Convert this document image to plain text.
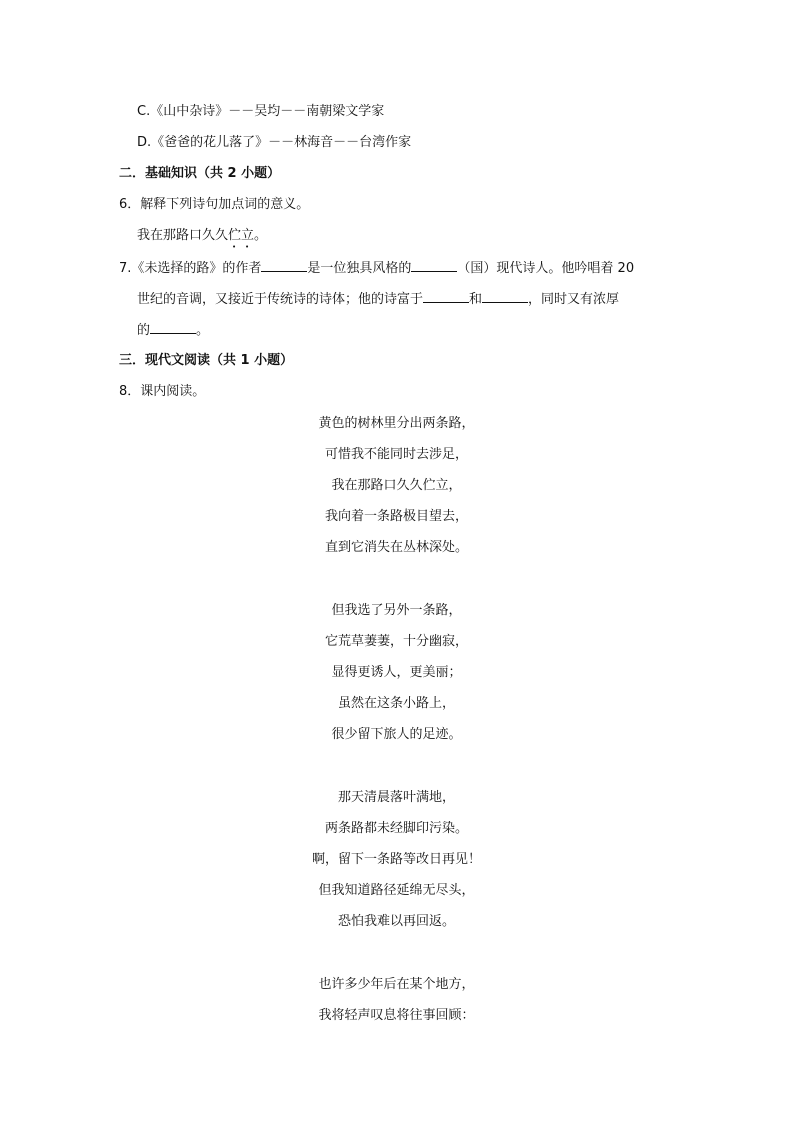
C.《山中杂诗》－－吴均－－南朝梁文学家
D.《爸爸的花儿落了》－－林海音－－台湾作家
二．基础知识（共 2 小题）
6．解释下列诗句加点词的意义。
我在那路口久久伫立。
7.《未选择的路》的作者	是一位独具风格的	（国）现代诗人。他吟唱着 20
世纪的音调，又接近于传统诗的诗体；他的诗富于	和	，同时又有浓厚
的	。
三．现代文阅读（共 1 小题）
8．课内阅读。
黄色的树林里分出两条路，
可惜我不能同时去涉足，
我在那路口久久伫立，
我向着一条路极目望去，
直到它消失在丛林深处。
但我选了另外一条路，
它荒草萋萋，十分幽寂，
显得更诱人，更美丽；
虽然在这条小路上，
很少留下旅人的足迹。
那天清晨落叶满地，
两条路都未经脚印污染。
啊，留下一条路等改日再见！
但我知道路径延绵无尽头，
恐怕我难以再回返。
也许多少年后在某个地方，
我将轻声叹息将往事回顾：
